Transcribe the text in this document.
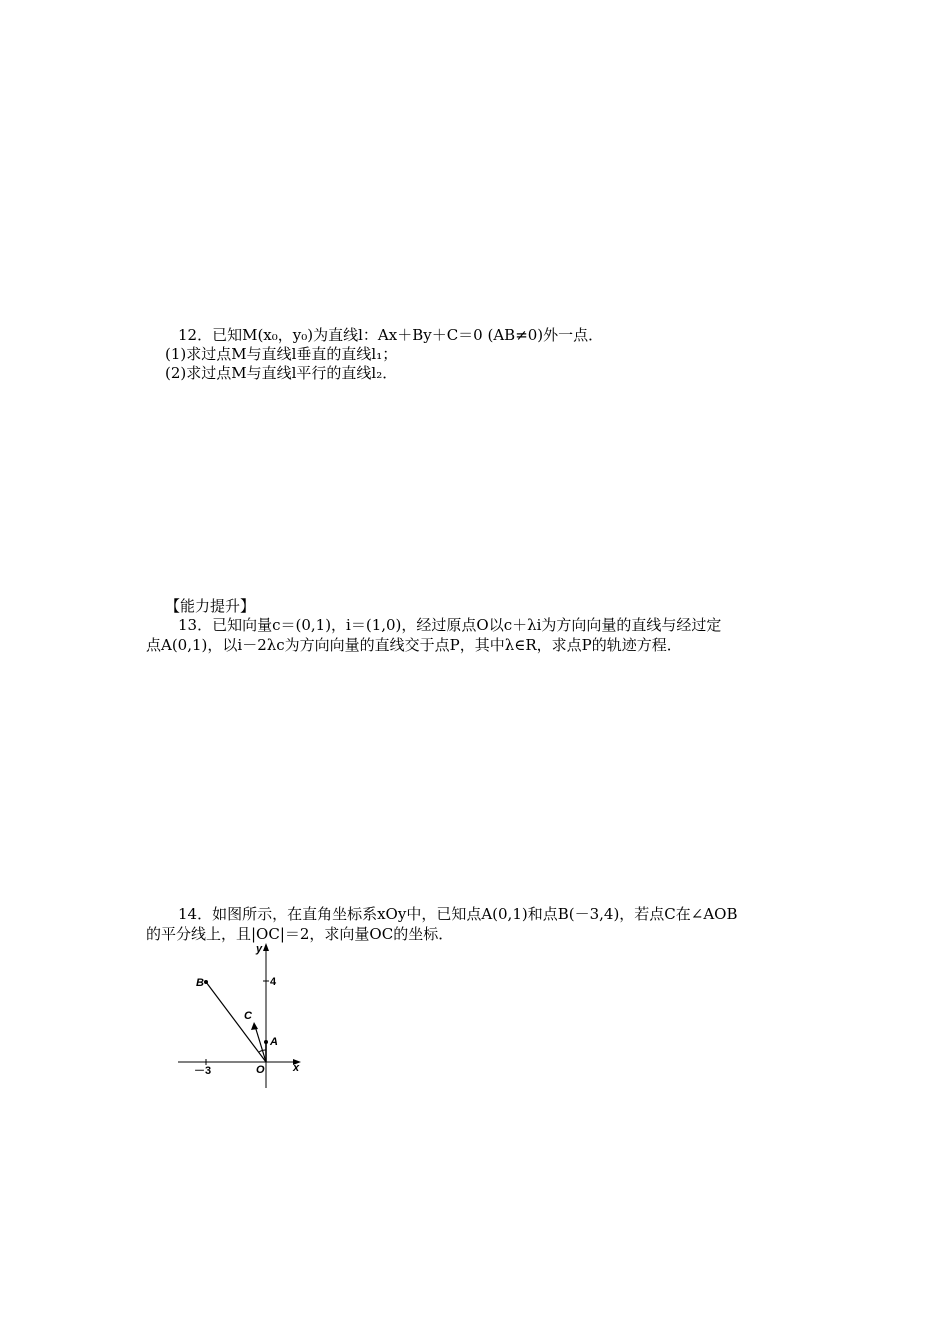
12．已知M(x₀，y₀)为直线l：Ax＋By＋C＝0 (AB≠0)外一点．
(1)求过点M与直线l垂直的直线l₁；
(2)求过点M与直线l平行的直线l₂．
【能力提升】
13．已知向量c＝(0,1)，i＝(1,0)，经过原点O以c＋λi为方向向量的直线与经过定
点A(0,1)，以i－2λc为方向向量的直线交于点P，其中λ∈R，求点P的轨迹方程．
14．如图所示，在直角坐标系xOy中，已知点A(0,1)和点B(－3,4)，若点C在∠AOB
的平分线上，且|OC|＝2，求向量OC的坐标．
y
x
O
A
B
C
4
－3
